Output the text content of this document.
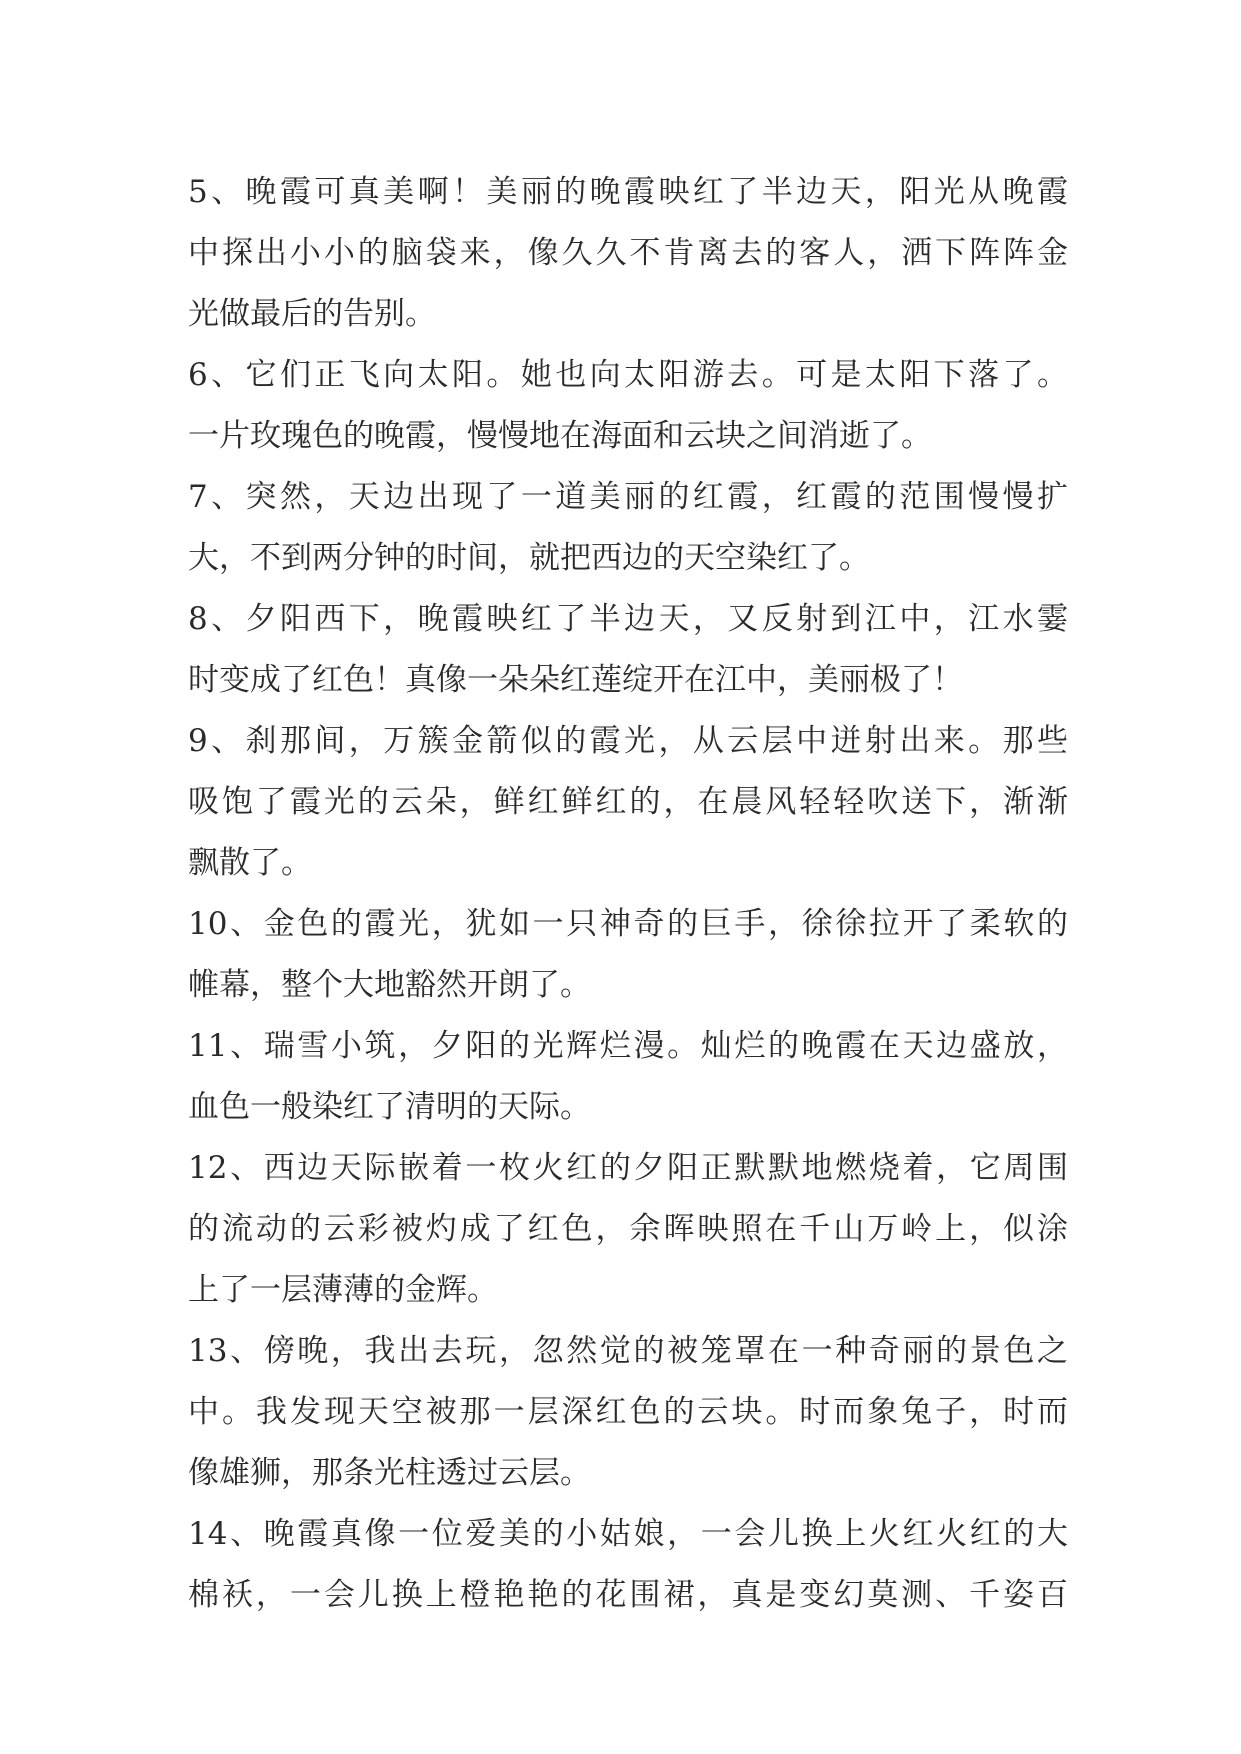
5、晚霞可真美啊！美丽的晚霞映红了半边天，阳光从晚霞
中探出小小的脑袋来，像久久不肯离去的客人，洒下阵阵金
光做最后的告别。
6、它们正飞向太阳。她也向太阳游去。可是太阳下落了。
一片玫瑰色的晚霞，慢慢地在海面和云块之间消逝了。
7、突然，天边出现了一道美丽的红霞，红霞的范围慢慢扩
大，不到两分钟的时间，就把西边的天空染红了。
8、夕阳西下，晚霞映红了半边天，又反射到江中，江水霎
时变成了红色！真像一朵朵红莲绽开在江中，美丽极了！
9、刹那间，万簇金箭似的霞光，从云层中迸射出来。那些
吸饱了霞光的云朵，鲜红鲜红的，在晨风轻轻吹送下，渐渐
飘散了。
10、金色的霞光，犹如一只神奇的巨手，徐徐拉开了柔软的
帷幕，整个大地豁然开朗了。
11、瑞雪小筑，夕阳的光辉烂漫。灿烂的晚霞在天边盛放，
血色一般染红了清明的天际。
12、西边天际嵌着一枚火红的夕阳正默默地燃烧着，它周围
的流动的云彩被灼成了红色，余晖映照在千山万岭上，似涂
上了一层薄薄的金辉。
13、傍晚，我出去玩，忽然觉的被笼罩在一种奇丽的景色之
中。我发现天空被那一层深红色的云块。时而象兔子，时而
像雄狮，那条光柱透过云层。
14、晚霞真像一位爱美的小姑娘，一会儿换上火红火红的大
棉袄，一会儿换上橙艳艳的花围裙，真是变幻莫测、千姿百
